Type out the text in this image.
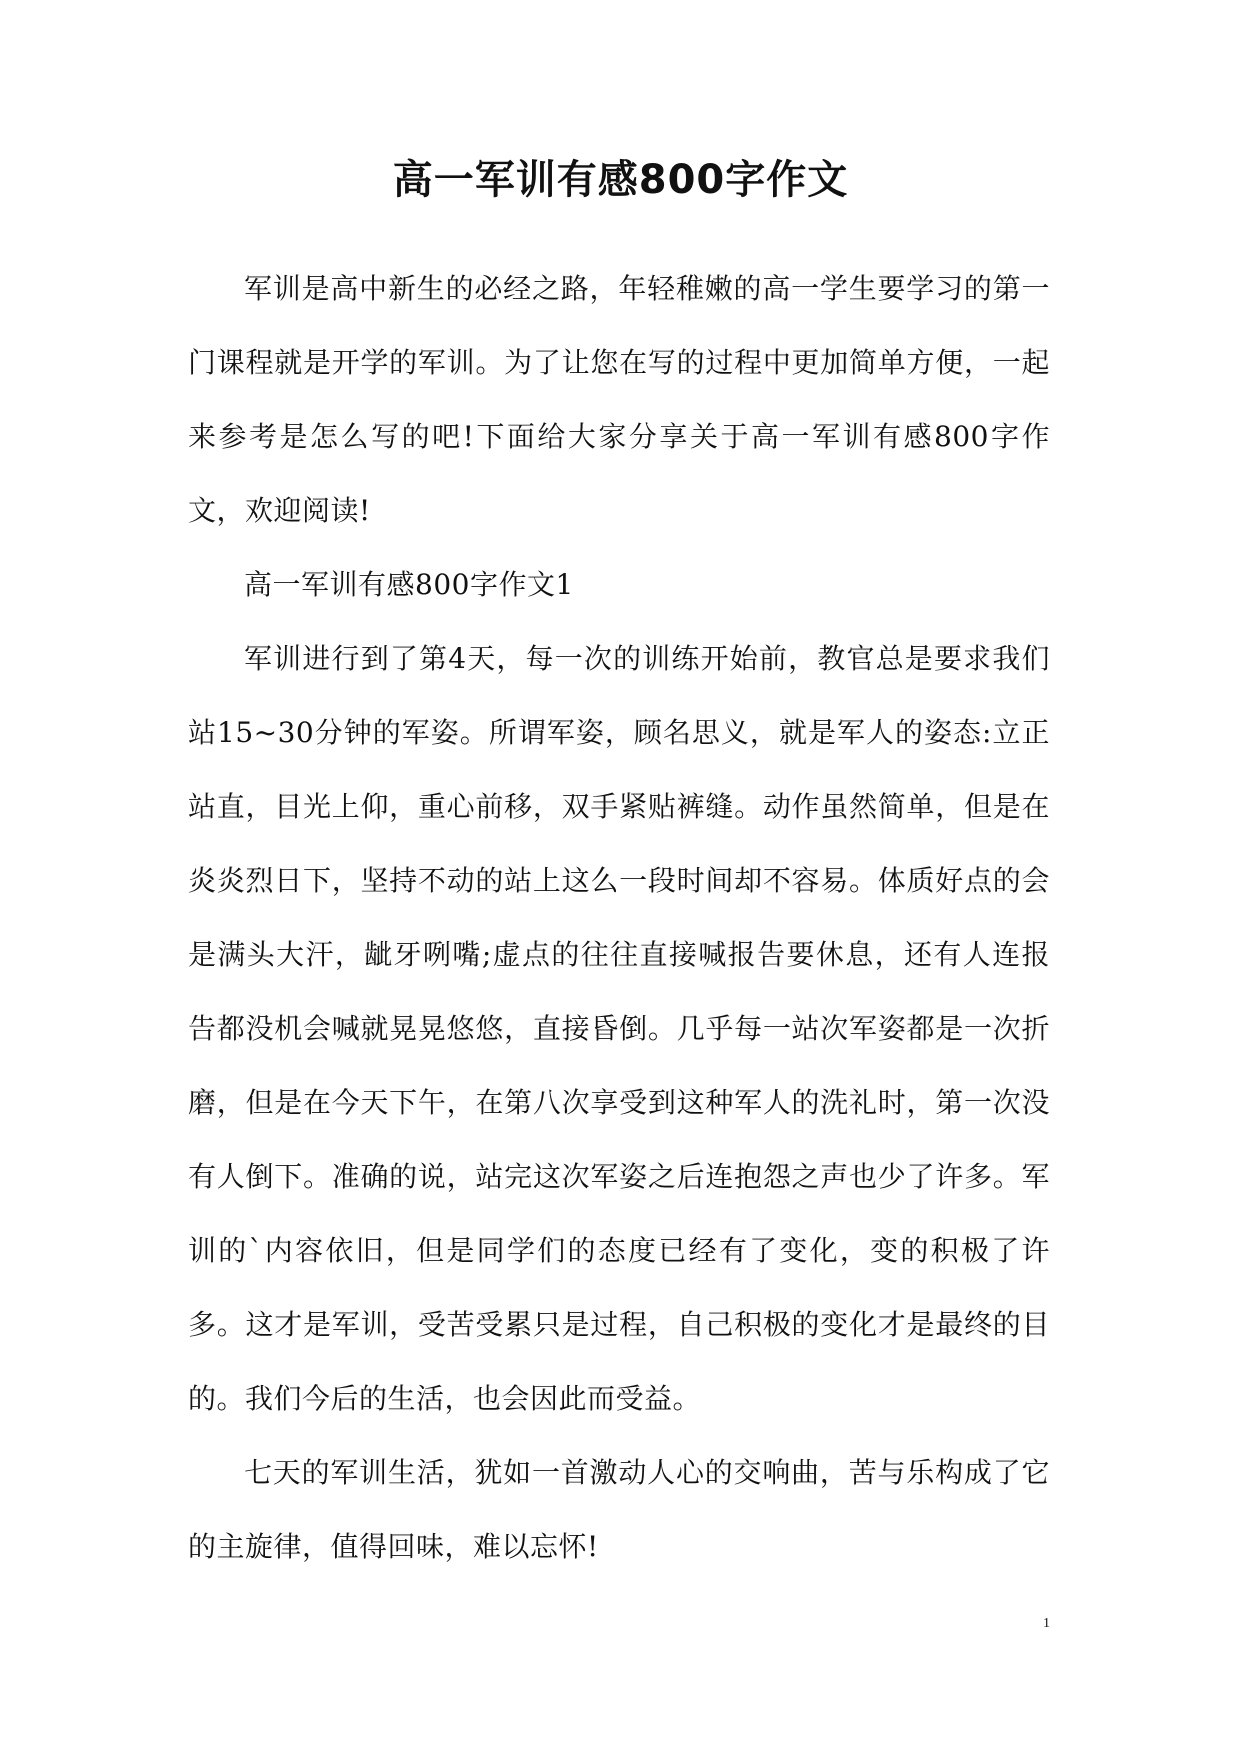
高一军训有感800字作文

军训是高中新生的必经之路，年轻稚嫩的高一学生要学习的第一门课程就是开学的军训。为了让您在写的过程中更加简单方便，一起来参考是怎么写的吧!下面给大家分享关于高一军训有感800字作文，欢迎阅读!

高一军训有感800字作文1

军训进行到了第4天，每一次的训练开始前，教官总是要求我们站15~30分钟的军姿。所谓军姿，顾名思义，就是军人的姿态:立正站直，目光上仰，重心前移，双手紧贴裤缝。动作虽然简单，但是在炎炎烈日下，坚持不动的站上这么一段时间却不容易。体质好点的会是满头大汗，龇牙咧嘴;虚点的往往直接喊报告要休息，还有人连报告都没机会喊就晃晃悠悠，直接昏倒。几乎每一站次军姿都是一次折磨，但是在今天下午，在第八次享受到这种军人的洗礼时，第一次没有人倒下。准确的说，站完这次军姿之后连抱怨之声也少了许多。军训的`内容依旧，但是同学们的态度已经有了变化，变的积极了许多。这才是军训，受苦受累只是过程，自己积极的变化才是最终的目的。我们今后的生活，也会因此而受益。

七天的军训生活，犹如一首激动人心的交响曲，苦与乐构成了它的主旋律，值得回味，难以忘怀!

1
